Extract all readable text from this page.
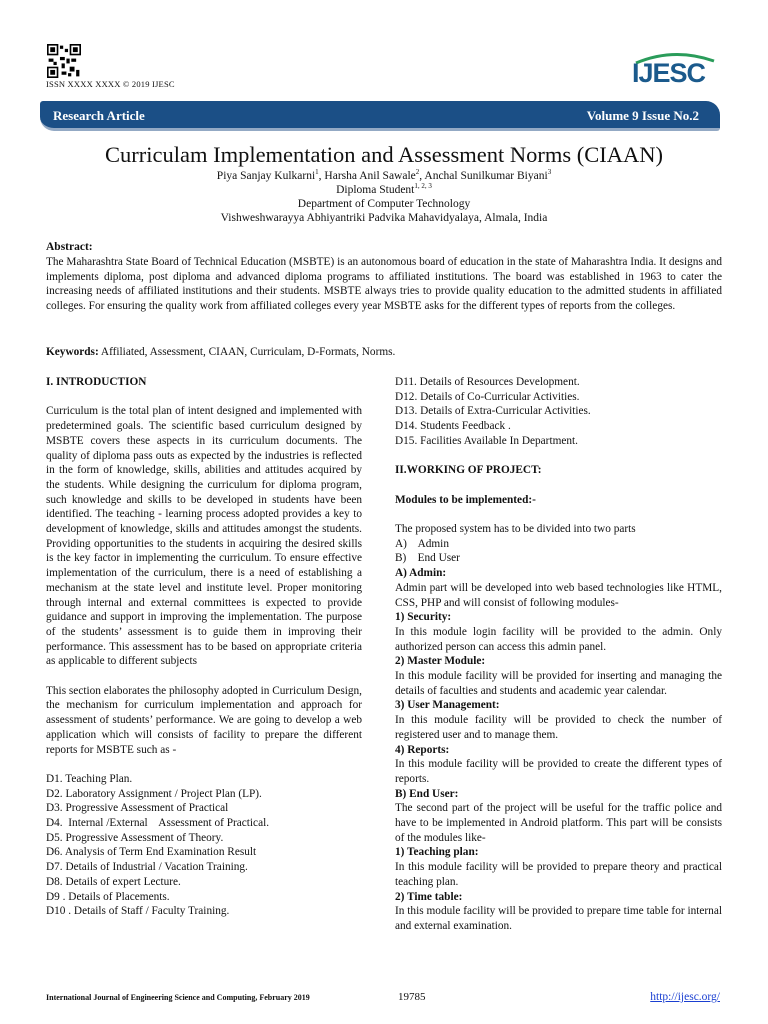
ISSN XXXX XXXX © 2019 IJESC	IJESC
Research Article	Volume 9 Issue No.2
Curriculam Implementation and Assessment Norms (CIAAN)
Piya Sanjay Kulkarni$^1$, Harsha Anil Sawale$^2$, Anchal Sunilkumar Biyani$^3$
Diploma Student$^{1, 2, 3}$
Department of Computer Technology
Vishweshwarayya Abhiyantriki Padvika Mahavidyalaya, Almala, India
Abstract:

The Maharashtra State Board of Technical Education (MSBTE) is an autonomous board of education in the state of Maharashtra India. It designs and implements diploma, post diploma and advanced diploma programs to affiliated institutions. The board was established in 1963 to cater the increasing needs of affiliated institutions and their students. MSBTE always tries to provide quality education to the admitted students in affiliated colleges. For ensuring the quality work from affiliated colleges every year MSBTE asks for the different types of reports from the colleges.

Keywords: Affiliated, Assessment, CIAAN, Curriculam, D-Formats, Norms.
I. INTRODUCTION

Curriculum is the total plan of intent designed and implemented with predetermined goals. The scientific based curriculum designed by MSBTE covers these aspects in its curriculum documents. The quality of diploma pass outs as expected by the industries is reflected in the form of knowledge, skills, abilities and attitudes acquired by the students. While designing the curriculum for diploma program, such knowledge and skills to be developed in students have been identified. The teaching - learning process adopted provides a key to development of knowledge, skills and attitudes amongst the students. Providing opportunities to the students in acquiring the desired skills is the key factor in implementing the curriculum. To ensure effective implementation of the curriculum, there is a need of establishing a mechanism at the state level and institute level. Proper monitoring through internal and external committees is expected to provide guidance and support in improving the implementation. The purpose of the students’ assessment is to guide them in improving their performance. This assessment has to be based on appropriate criteria as applicable to different subjects

This section elaborates the philosophy adopted in Curriculum Design, the mechanism for curriculum implementation and approach for assessment of students’ performance. We are going to develop a web application which will consists of facility to prepare the different reports for MSBTE such as -

D1. Teaching Plan.
D2. Laboratory Assignment / Project Plan (LP).
D3. Progressive Assessment of Practical
D4.  Internal /External    Assessment of Practical.
D5. Progressive Assessment of Theory.
D6. Analysis of Term End Examination Result
D7. Details of Industrial / Vacation Training.
D8. Details of expert Lecture.
D9 . Details of Placements.
D10 . Details of Staff / Faculty Training.
D11. Details of Resources Development.
D12. Details of Co-Curricular Activities.
D13. Details of Extra-Curricular Activities.
D14. Students Feedback .
D15. Facilities Available In Department.
II.WORKING OF PROJECT:
Modules to be implemented:-

The proposed system has to be divided into two parts

A)    Admin
B)    End User
A) Admin:

Admin part will be developed into web based technologies like HTML, CSS, PHP and will consist of following modules-

1) Security:

In this module login facility will be provided to the admin. Only authorized person can access this admin panel.

2) Master Module:

In this module facility will be provided for inserting and managing the details of faculties and students and academic year calendar.

3) User Management:

In this module facility will be provided to check the number of registered user and to manage them.

4) Reports:

In this module facility will be provided to create the different types of reports.

B) End User:

The second part of the project will be useful for the traffic police and have to be implemented in Android platform. This part will be consists of the modules like-

1) Teaching plan:

In this module facility will be provided to prepare theory and practical teaching plan.

2) Time table:

In this module facility will be provided to prepare time table for internal and external examination.

International Journal of Engineering Science and Computing, February 2019	19785	http://ijesc.org/
